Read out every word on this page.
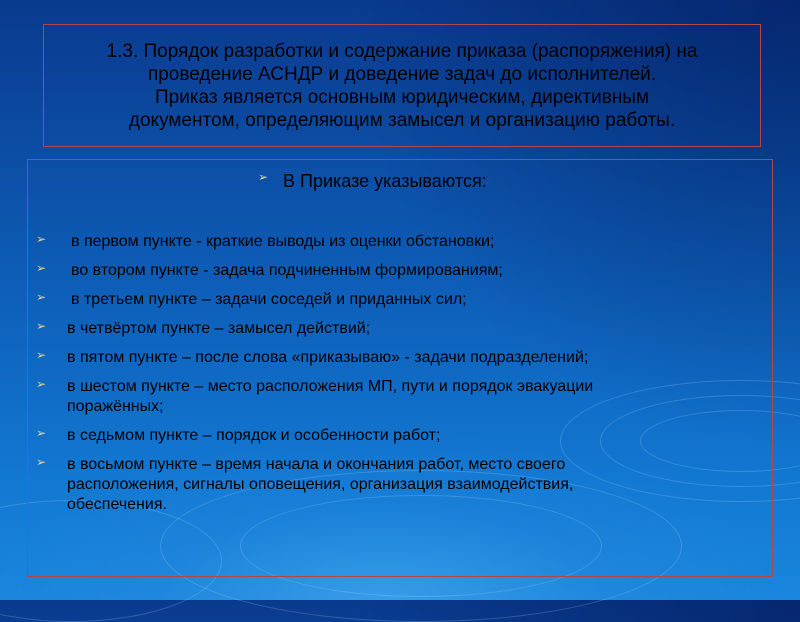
1.3. Порядок разработки и содержание приказа (распоряжения) на
проведение АСНДР и доведение задач до исполнителей.
Приказ является основным юридическим, директивным
документом, определяющим замысел и организацию работы.
➢ В Приказе указываются:
➢ в первом пункте - краткие выводы из оценки обстановки;
➢ во втором пункте - задача подчиненным формированиям;
➢ в третьем пункте – задачи соседей и приданных сил;
➢ в четвёртом пункте – замысел действий;
➢ в пятом пункте – после слова «приказываю» - задачи подразделений;
➢ в шестом пункте – место расположения МП, пути и порядок эвакуации
поражённых;
➢ в седьмом пункте – порядок и особенности работ;
➢ в восьмом пункте – время начала и окончания работ, место своего
расположения, сигналы оповещения, организация взаимодействия,
обеспечения.
